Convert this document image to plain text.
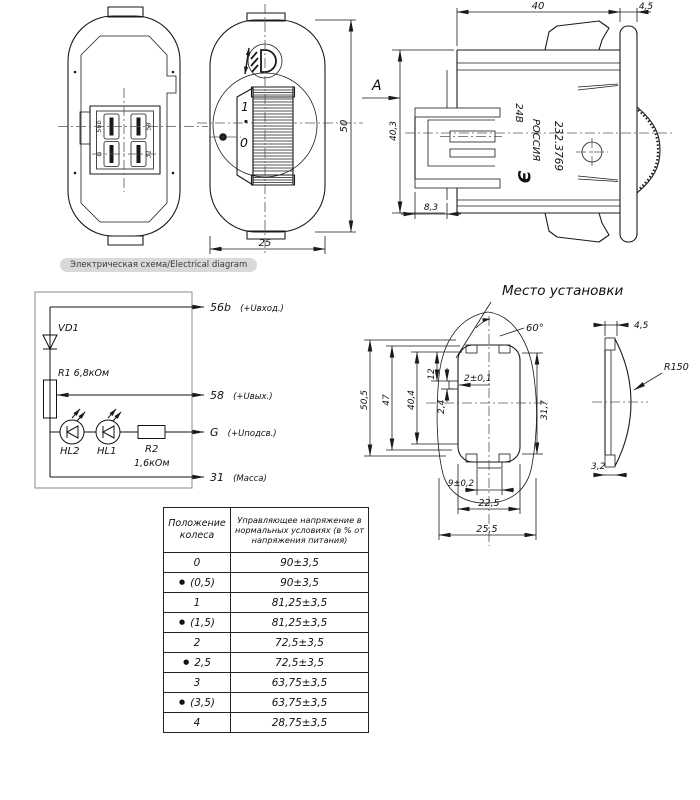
56b	58
G	31
1
0
50
25
А
24В
РОССИЯ 232.3769
Э
40	4,5
40,3
8,3
Электрическая схема/Electrical diagram
VD1
R1 6,8кОм
HL2 HL1	R2
1,6кОм
56b (+Uвход.)
58 (+Uвых.)
G (+Uподсв.)
31 (Масса)
Место установки
60°
50,5 47 40,4
12
2,4
2±0,1
31,7
9±0,2
22,5
25,5
4,5
R150
3,2
Положение колеса	Управляющее напряжение в нормальных условиях (в % от напряжения питания)
0	90±3,5
● (0,5)	90±3,5
1	81,25±3,5
● (1,5)	81,25±3,5
2	72,5±3,5
● 2,5	72,5±3,5
3	63,75±3,5
● (3,5)	63,75±3,5
4	28,75±3,5
